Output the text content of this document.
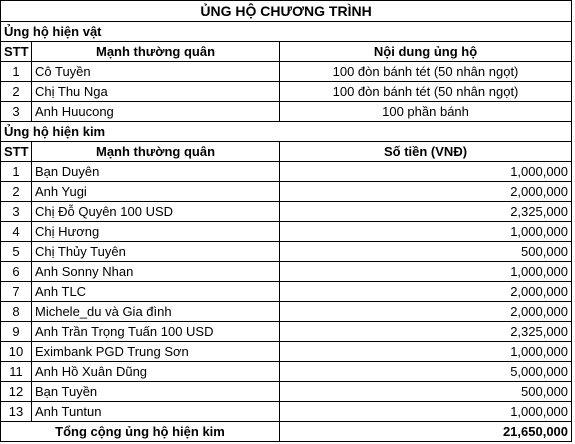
ỦNG HỘ CHƯƠNG TRÌNH		
Ủng hộ hiện vật		
STT	Mạnh thường quân	Nội dung ủng hộ
1	Cô Tuyền	100 đòn bánh tét (50 nhân ngọt)
2	Chị Thu Nga	100 đòn bánh tét (50 nhân ngọt)
3	Anh Huucong	100 phần bánh
Ủng hộ hiện kim		
STT	Mạnh thường quân	Số tiền (VNĐ)
1	Bạn Duyên	1,000,000
2	Anh Yugi	2,000,000
3	Chị Đỗ Quyên 100 USD	2,325,000
4	Chị Hương	1,000,000
5	Chị Thủy Tuyên	500,000
6	Anh Sonny Nhan	1,000,000
7	Anh TLC	2,000,000
8	Michele_du và Gia đình	2,000,000
9	Anh Trần Trọng Tuấn 100 USD	2,325,000
10	Eximbank PGD Trung Sơn	1,000,000
11	Anh Hồ Xuân Dũng	5,000,000
12	Bạn Tuyền	500,000
13	Anh Tuntun	1,000,000
Tổng cộng ủng hộ hiện kim		21,650,000
